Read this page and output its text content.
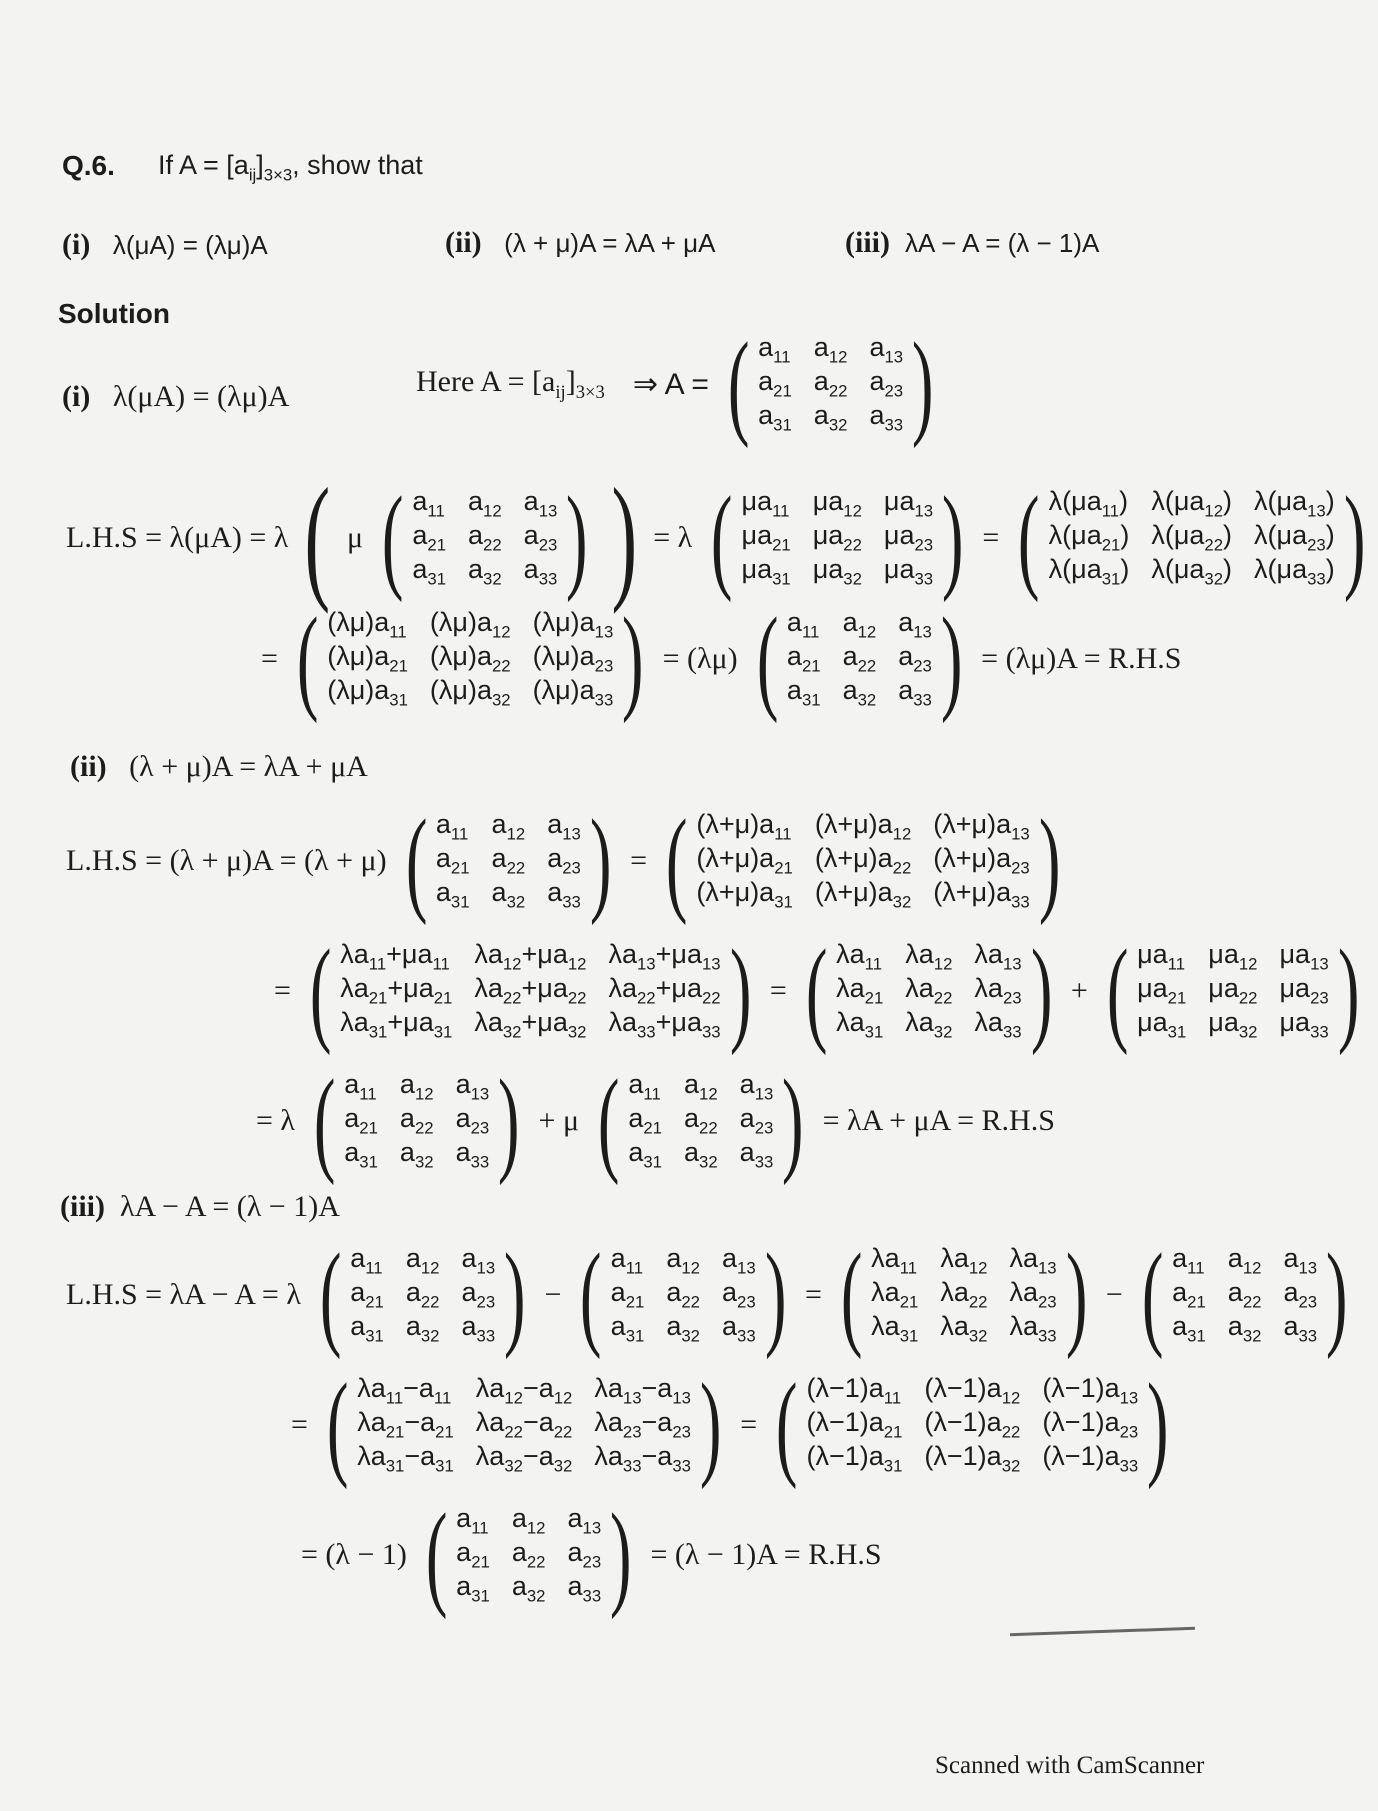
Q.6. If $A = [a_{ij}]_{3\times 3}$, show that
(i) λ(μA) = (λμ)A	(ii) (λ + μ)A = λA + μA	(iii) λA − A = (λ − 1)A
Solution
(i) λ(μA) = (λμ)A	Here $A = [a_{ij}]_{3\times 3}$ ⇒ A = ( $a_{11}$ $a_{12}$ $a_{13}$
$a_{21}$ $a_{22}$ $a_{23}$
$a_{31}$ $a_{32}$ $a_{33}$ )
L.H.S = λ(μA) = λ ( μ ( $a_{11}$ $a_{12}$ $a_{13}$
$a_{21}$ $a_{22}$ $a_{23}$
$a_{31}$ $a_{32}$ $a_{33}$ ) ) = λ ( $\mu a_{11}$ $\mu a_{12}$ $\mu a_{13}$
$\mu a_{21}$ $\mu a_{22}$ $\mu a_{23}$
$\mu a_{31}$ $\mu a_{32}$ $\mu a_{33}$ ) = ( $\lambda(\mu a_{11})$ $\lambda(\mu a_{12})$ $\lambda(\mu a_{13})$
$\lambda(\mu a_{21})$ $\lambda(\mu a_{22})$ $\lambda(\mu a_{23})$
$\lambda(\mu a_{31})$ $\lambda(\mu a_{32})$ $\lambda(\mu a_{33})$ )
= ( $(\lambda\mu)a_{11}$ $(\lambda\mu)a_{12}$ $(\lambda\mu)a_{13}$
$(\lambda\mu)a_{21}$ $(\lambda\mu)a_{22}$ $(\lambda\mu)a_{23}$
$(\lambda\mu)a_{31}$ $(\lambda\mu)a_{32}$ $(\lambda\mu)a_{33}$ ) = (λμ) ( $a_{11}$ $a_{12}$ $a_{13}$
$a_{21}$ $a_{22}$ $a_{23}$
$a_{31}$ $a_{32}$ $a_{33}$ ) = (λμ)A = R.H.S
(ii) (λ + μ)A = λA + μA
L.H.S = (λ + μ)A = (λ + μ) ( $a_{11}$ $a_{12}$ $a_{13}$
$a_{21}$ $a_{22}$ $a_{23}$
$a_{31}$ $a_{32}$ $a_{33}$ ) = ( $(\lambda+\mu)a_{11}$ $(\lambda+\mu)a_{12}$ $(\lambda+\mu)a_{13}$
$(\lambda+\mu)a_{21}$ $(\lambda+\mu)a_{22}$ $(\lambda+\mu)a_{23}$
$(\lambda+\mu)a_{31}$ $(\lambda+\mu)a_{32}$ $(\lambda+\mu)a_{33}$ )
= ( $\lambda a_{11}+\mu a_{11}$ $\lambda a_{12}+\mu a_{12}$ $\lambda a_{13}+\mu a_{13}$
$\lambda a_{21}+\mu a_{21}$ $\lambda a_{22}+\mu a_{22}$ $\lambda a_{22}+\mu a_{22}$
$\lambda a_{31}+\mu a_{31}$ $\lambda a_{32}+\mu a_{32}$ $\lambda a_{33}+\mu a_{33}$ ) = ( $\lambda a_{11}$ $\lambda a_{12}$ $\lambda a_{13}$
$\lambda a_{21}$ $\lambda a_{22}$ $\lambda a_{23}$
$\lambda a_{31}$ $\lambda a_{32}$ $\lambda a_{33}$ ) + ( $\mu a_{11}$ $\mu a_{12}$ $\mu a_{13}$
$\mu a_{21}$ $\mu a_{22}$ $\mu a_{23}$
$\mu a_{31}$ $\mu a_{32}$ $\mu a_{33}$ )
= λ ( $a_{11}$ $a_{12}$ $a_{13}$
$a_{21}$ $a_{22}$ $a_{23}$
$a_{31}$ $a_{32}$ $a_{33}$ ) + μ ( $a_{11}$ $a_{12}$ $a_{13}$
$a_{21}$ $a_{22}$ $a_{23}$
$a_{31}$ $a_{32}$ $a_{33}$ ) = λA + μA = R.H.S
(iii) λA − A = (λ − 1)A
L.H.S = λA − A = λ ( $a_{11}$ $a_{12}$ $a_{13}$
$a_{21}$ $a_{22}$ $a_{23}$
$a_{31}$ $a_{32}$ $a_{33}$ ) − ( $a_{11}$ $a_{12}$ $a_{13}$
$a_{21}$ $a_{22}$ $a_{23}$
$a_{31}$ $a_{32}$ $a_{33}$ ) = ( $\lambda a_{11}$ $\lambda a_{12}$ $\lambda a_{13}$
$\lambda a_{21}$ $\lambda a_{22}$ $\lambda a_{23}$
$\lambda a_{31}$ $\lambda a_{32}$ $\lambda a_{33}$ ) − ( $a_{11}$ $a_{12}$ $a_{13}$
$a_{21}$ $a_{22}$ $a_{23}$
$a_{31}$ $a_{32}$ $a_{33}$ )
= ( $\lambda a_{11}-a_{11}$ $\lambda a_{12}-a_{12}$ $\lambda a_{13}-a_{13}$
$\lambda a_{21}-a_{21}$ $\lambda a_{22}-a_{22}$ $\lambda a_{23}-a_{23}$
$\lambda a_{31}-a_{31}$ $\lambda a_{32}-a_{32}$ $\lambda a_{33}-a_{33}$ ) = ( $(\lambda-1)a_{11}$ $(\lambda-1)a_{12}$ $(\lambda-1)a_{13}$
$(\lambda-1)a_{21}$ $(\lambda-1)a_{22}$ $(\lambda-1)a_{23}$
$(\lambda-1)a_{31}$ $(\lambda-1)a_{32}$ $(\lambda-1)a_{33}$ )
= (λ − 1) ( $a_{11}$ $a_{12}$ $a_{13}$
$a_{21}$ $a_{22}$ $a_{23}$
$a_{31}$ $a_{32}$ $a_{33}$ ) = (λ − 1)A = R.H.S
Scanned with CamScanner
